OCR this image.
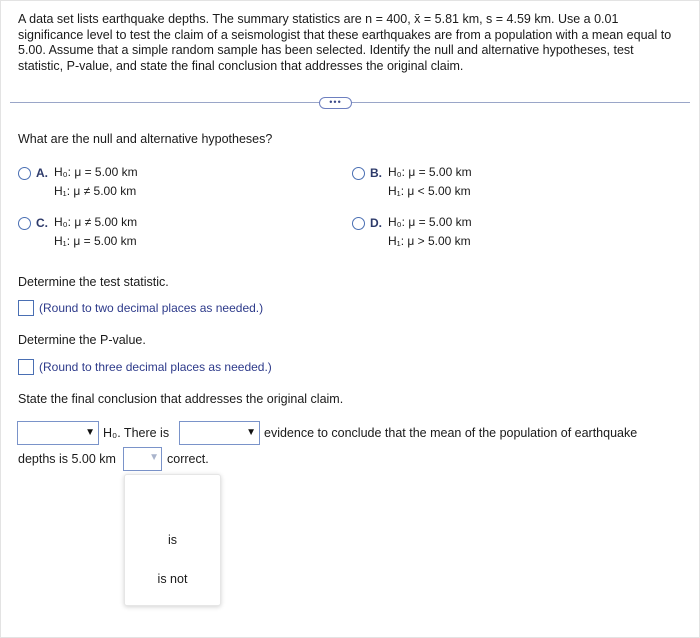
A data set lists earthquake depths. The summary statistics are n = 400, x̄ = 5.81 km, s = 4.59 km. Use a 0.01 significance level to test the claim of a seismologist that these earthquakes are from a population with a mean equal to 5.00. Assume that a simple random sample has been selected. Identify the null and alternative hypotheses, test statistic, P-value, and state the final conclusion that addresses the original claim.
•••
What are the null and alternative hypotheses?
A. H₀: μ = 5.00 km
H₁: μ ≠ 5.00 km
B. H₀: μ = 5.00 km
H₁: μ < 5.00 km
C. H₀: μ ≠ 5.00 km
H₁: μ = 5.00 km
D. H₀: μ = 5.00 km
H₁: μ > 5.00 km
Determine the test statistic.
(Round to two decimal places as needed.)
Determine the P-value.
(Round to three decimal places as needed.)
State the final conclusion that addresses the original claim.
▼ H₀. There is	▼ evidence to conclude that the mean of the population of earthquake
depths is 5.00 km	▼ correct.
is
is not
